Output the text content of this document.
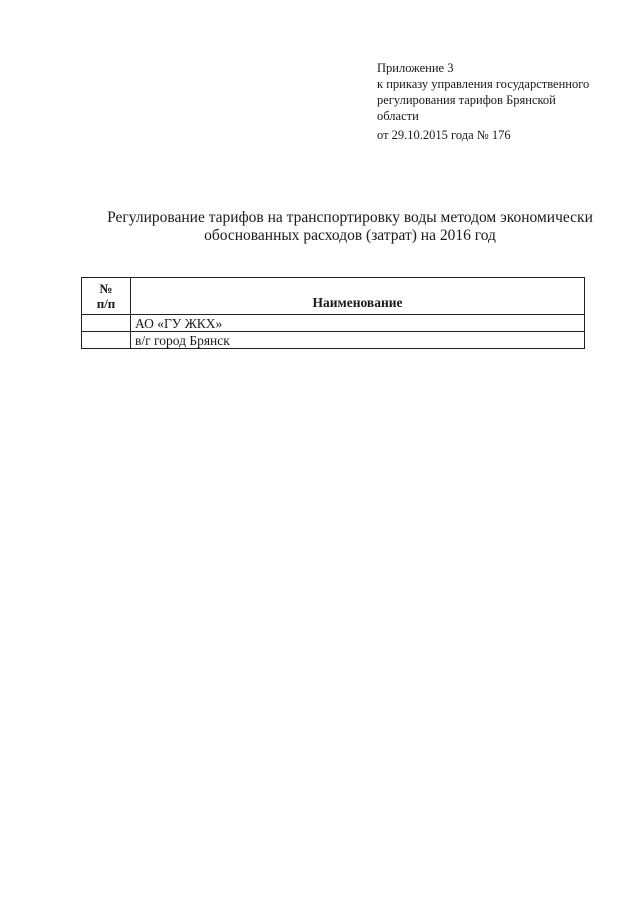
Приложение 3
к приказу управления государственного
регулирования тарифов Брянской
области
от 29.10.2015 года № 176
Регулирование тарифов на транспортировку воды методом экономически
обоснованных расходов (затрат) на 2016 год
№
п/п	Наименование
	АО «ГУ ЖКХ»
	в/г город Брянск
